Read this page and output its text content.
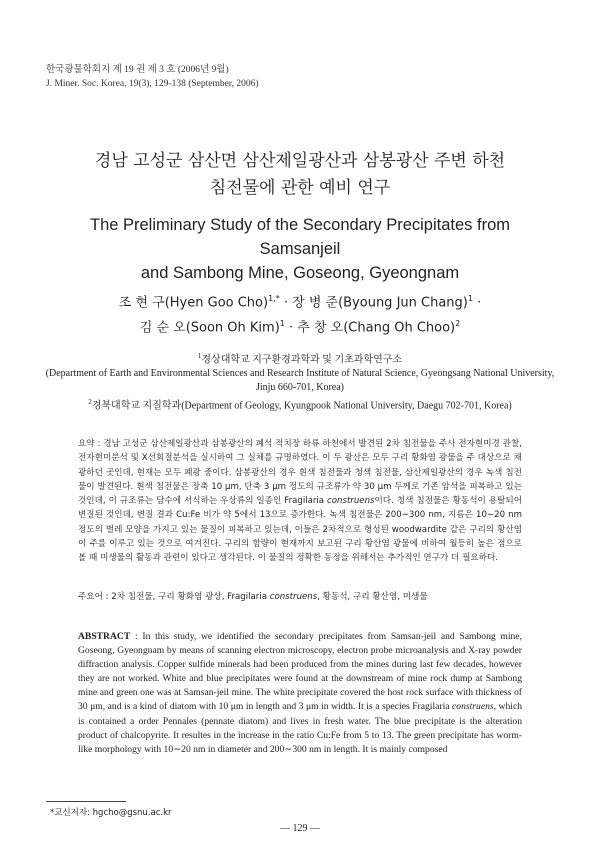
한국광물학회지 제 19 권 제 3 호 (2006년 9월)
J. Miner. Soc. Korea, 19(3), 129-138 (September, 2006)
경남 고성군 삼산면 삼산제일광산과 삼봉광산 주변 하천
침전물에 관한 예비 연구
The Preliminary Study of the Secondary Precipitates from Samsanjeil
and Sambong Mine, Goseong, Gyeongnam
조 현 구(Hyen Goo Cho)$^{1,*}$ · 장 병 준(Byoung Jun Chang)$^1$ ·
김 순 오(Soon Oh Kim)$^1$ · 추 창 오(Chang Oh Choo)$^2$
$^1$경상대학교 지구환경과학과 및 기초과학연구소
(Department of Earth and Environmental Sciences and Research Institute of Natural Science, Gyeongsang National University, Jinju 660-701, Korea)
$^2$경북대학교 지질학과(Department of Geology, Kyungpook National University, Daegu 702-701, Korea)
요약 : 경남 고성군 삼산제일광산과 삼봉광산의 폐석 적치장 하류 하천에서 발견된 2차 침전물을 주사 전자현미경 관찰, 전자현미분석 및 X선회절분석을 실시하여 그 실체를 규명하였다. 이 두 광산은 모두 구리 황화염 광물을 주 대상으로 채광하던 곳인데, 현재는 모두 폐광 중이다. 삼봉광산의 경우 흰색 침전물과 청색 침전물, 삼산제일광산의 경우 녹색 침전물이 발견된다. 흰색 침전물은 장축 10 μm, 단축 3 μm 정도의 규조류가 약 30 μm 두께로 기존 암석을 피복하고 있는 것인데, 이 규조류는 담수에 서식하는 우상류의 일종인 Fragilaria construens이다. 청색 침전물은 황동석이 용탈되어 변질된 것인데, 변질 결과 Cu:Fe 비가 약 5에서 13으로 증가한다. 녹색 침전물은 200∼300 nm, 지름은 10∼20 nm 정도의 벌레 모양을 가지고 있는 물질이 피복하고 있는데, 이들은 2차적으로 형성된 woodwardite 같은 구리의 황산염이 주를 이루고 있는 것으로 여겨진다. 구리의 함량이 현재까지 보고된 구리 황산염 광물에 비하여 월등히 높은 점으로 볼 때 미생물의 활동과 관련이 있다고 생각된다. 이 물질의 정확한 동정을 위해서는 추가적인 연구가 더 필요하다.
주요어 : 2차 침전물, 구리 황화염 광상, Fragilaria construens, 황동석, 구리 황산염, 미생물
ABSTRACT : In this study, we identified the secondary precipitates from Samsan-jeil and Sambong mine, Goseong, Gyeongnam by means of scanning electron microscopy, electron probe microanalysis and X-ray powder diffraction analysis. Copper sulfide minerals had been produced from the mines during last few decades, however they are not worked. White and blue precipitates were found at the downstream of mine rock dump at Sambong mine and green one was at Samsan-jeil mine. The white precipitate covered the host rock surface with thickness of 30 μm, and is a kind of diatom with 10 μm in length and 3 μm in width. It is a species Fragilaria construens, which is contained a order Pennales (pennate diatom) and lives in fresh water. The blue precipitate is the alteration product of chalcopyrite. It resultes in the increase in the ratio Cu:Fe from 5 to 13. The green precipitate has worm-like morphology with 10∼20 nm in diameter and 200∼300 nm in length. It is mainly composed
*교신저자: hgcho@gsnu.ac.kr
— 129 —
